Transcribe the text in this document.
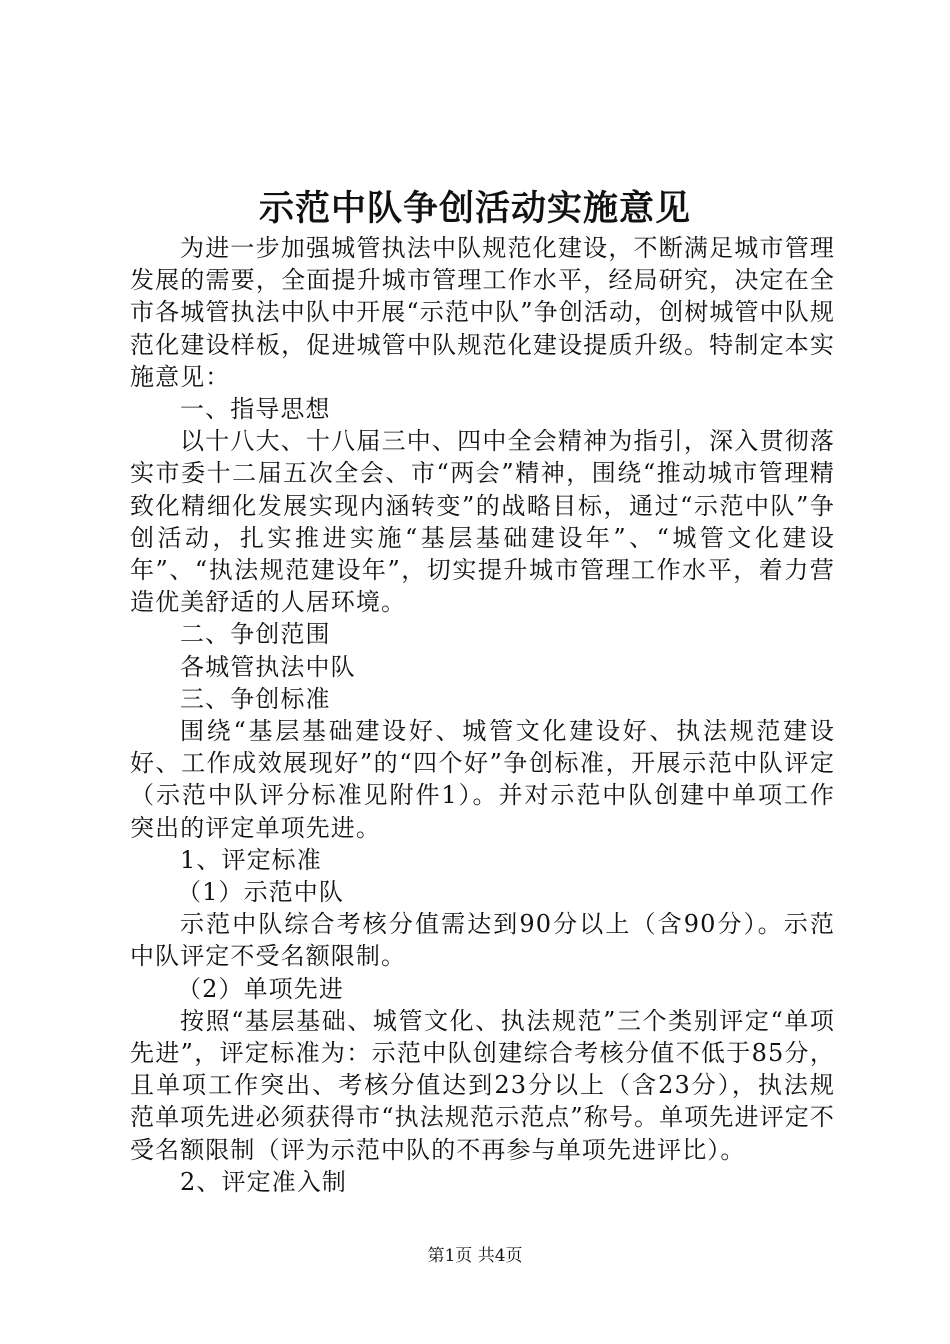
示范中队争创活动实施意见

为进一步加强城管执法中队规范化建设，不断满足城市管理发展的需要，全面提升城市管理工作水平，经局研究，决定在全市各城管执法中队中开展“示范中队”争创活动，创树城管中队规范化建设样板，促进城管中队规范化建设提质升级。特制定本实施意见：

一、指导思想

以十八大、十八届三中、四中全会精神为指引，深入贯彻落实市委十二届五次全会、市“两会”精神，围绕“推动城市管理精致化精细化发展实现内涵转变”的战略目标，通过“示范中队”争创活动，扎实推进实施“基层基础建设年”、“城管文化建设年”、“执法规范建设年”，切实提升城市管理工作水平，着力营造优美舒适的人居环境。

二、争创范围

各城管执法中队

三、争创标准

围绕“基层基础建设好、城管文化建设好、执法规范建设好、工作成效展现好”的“四个好”争创标准，开展示范中队评定（示范中队评分标准见附件1）。并对示范中队创建中单项工作突出的评定单项先进。

1、评定标准

（1）示范中队

示范中队综合考核分值需达到90分以上（含90分）。示范中队评定不受名额限制。

（2）单项先进

按照“基层基础、城管文化、执法规范”三个类别评定“单项先进”，评定标准为：示范中队创建综合考核分值不低于85分，且单项工作突出、考核分值达到23分以上（含23分），执法规范单项先进必须获得市“执法规范示范点”称号。单项先进评定不受名额限制（评为示范中队的不再参与单项先进评比）。

2、评定准入制

第1页 共4页
